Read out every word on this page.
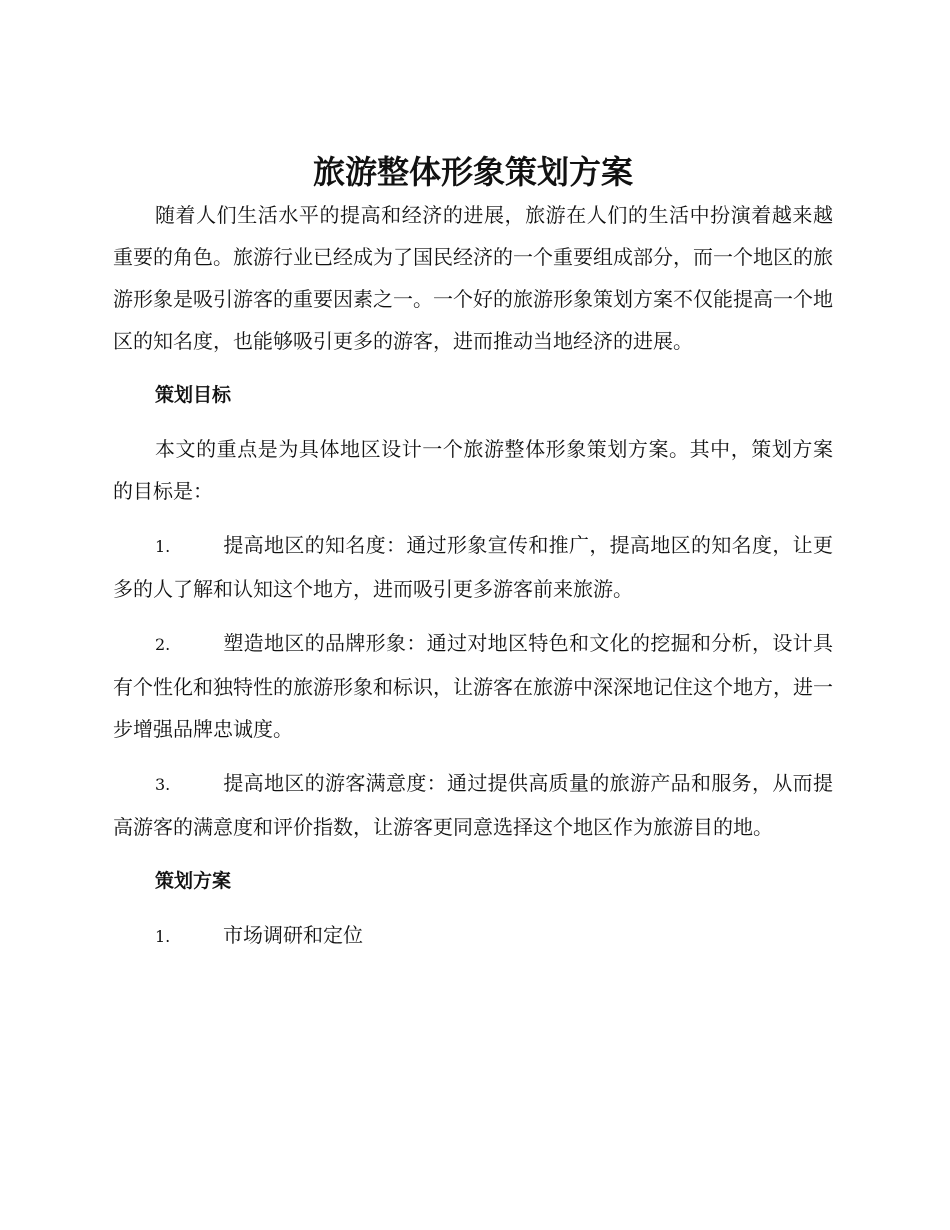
旅游整体形象策划方案

随着人们生活水平的提高和经济的进展，旅游在人们的生活中扮演着越来越重要的角色。旅游行业已经成为了国民经济的一个重要组成部分，而一个地区的旅游形象是吸引游客的重要因素之一。一个好的旅游形象策划方案不仅能提高一个地区的知名度，也能够吸引更多的游客，进而推动当地经济的进展。

策划目标

本文的重点是为具体地区设计一个旅游整体形象策划方案。其中，策划方案的目标是：

1.	提高地区的知名度：通过形象宣传和推广，提高地区的知名度，让更多的人了解和认知这个地方，进而吸引更多游客前来旅游。

2.	塑造地区的品牌形象：通过对地区特色和文化的挖掘和分析，设计具有个性化和独特性的旅游形象和标识，让游客在旅游中深深地记住这个地方，进一步增强品牌忠诚度。

3.	提高地区的游客满意度：通过提供高质量的旅游产品和服务，从而提高游客的满意度和评价指数，让游客更同意选择这个地区作为旅游目的地。

策划方案

1.	市场调研和定位
